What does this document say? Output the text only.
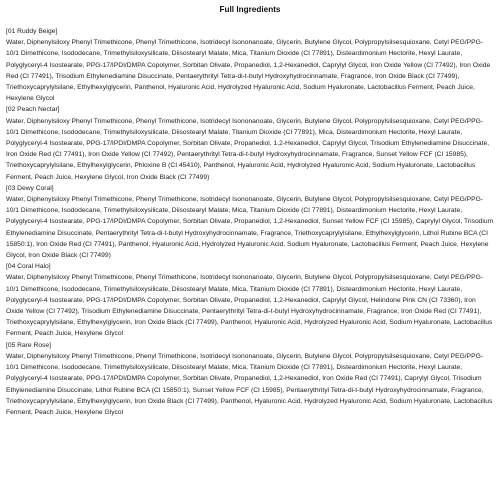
Full Ingredients
[01 Ruddy Beige]
Water, Diphenylsiloxy Phenyl Trimethicone, Phenyl Trimethicone, Isotridecyl Isononanoate, Glycerin, Butylene Glycol, Polypropylsilsesquioxane, Cetyl PEG/PPG-10/1 Dimethicone, Isododecane, Trimethylsiloxysilicate, Diisostearyl Malate, Mica, Titanium Dioxide (CI 77891), Disteardimonium Hectorite, Hexyl Laurate, Polyglyceryl-4 Isostearate, PPG-17/IPDI/DMPA Copolymer, Sorbitan Olivate, Propanediol, 1,2-Hexanediol, Caprylyl Glycol, Iron Oxide Yellow (CI 77492), Iron Oxide Red (CI 77491), Trisodium Ethylenediamine Disuccinate, Pentaerythrityl Tetra-di-t-butyl Hydroxyhydrocinnamate, Fragrance, Iron Oxide Black (CI 77499), Triethoxycaprylylsilane, Ethylhexylglycerin, Panthenol, Hyaluronic Acid, Hydrolyzed Hyaluronic Acid, Sodium Hyaluronate, Lactobacillus Ferment, Peach Juice, Hexylene Glycol
[02 Peach Nectar]
Water, Diphenylsiloxy Phenyl Trimethicone, Phenyl Trimethicone, Isotridecyl Isononanoate, Glycerin, Butylene Glycol, Polypropylsilsesquioxane, Cetyl PEG/PPG-10/1 Dimethicone, Isododecane, Trimethylsiloxysilicate, Diisostearyl Malate, Titanium Dioxide (CI 77891), Mica, Disteardimonium Hectorite, Hexyl Laurate, Polyglyceryl-4 Isostearate, PPG-17/IPDI/DMPA Copolymer, Sorbitan Olivate, Propanediol, 1,2-Hexanediol, Caprylyl Glycol, Trisodium Ethylenediamine Disuccinate, Iron Oxide Red (CI 77491), Iron Oxide Yellow (CI 77492), Pentaerythrityl Tetra-di-t-butyl Hydroxyhydrocinnamate, Fragrance, Sunset Yellow FCF (CI 15985), Triethoxycaprylylsilane, Ethylhexylglycerin, Phloxine B (CI 45410), Panthenol, Hyaluronic Acid, Hydrolyzed Hyaluronic Acid, Sodium Hyaluronate, Lactobacillus Ferment, Peach Juice, Hexylene Glycol, Iron Oxide Black (CI 77499)
[03 Dewy Coral]
Water, Diphenylsiloxy Phenyl Trimethicone, Phenyl Trimethicone, Isotridecyl Isononanoate, Glycerin, Butylene Glycol, Polypropylsilsesquioxane, Cetyl PEG/PPG-10/1 Dimethicone, Isododecane, Trimethylsiloxysilicate, Diisostearyl Malate, Mica, Titanium Dioxide (CI 77891), Disteardimonium Hectorite, Hexyl Laurate, Polyglyceryl-4 Isostearate, PPG-17/IPDI/DMPA Copolymer, Sorbitan Olivate, Propanediol, 1,2-Hexanediol, Sunset Yellow FCF (CI 15985), Caprylyl Glycol, Trisodium Ethylenediamine Disuccinate, Pentaerythrityl Tetra-di-t-butyl Hydroxyhydrocinnamate, Fragrance, Triethoxycaprylylsilane, Ethylhexylglycerin, Lithol Rubine BCA (CI 15850:1), Iron Oxide Red (CI 77491), Panthenol, Hyaluronic Acid, Hydrolyzed Hyaluronic Acid, Sodium Hyaluronate, Lactobacillus Ferment, Peach Juice, Hexylene Glycol, Iron Oxide Black (CI 77499)
[04 Coral Halo]
Water, Diphenylsiloxy Phenyl Trimethicone, Phenyl Trimethicone, Isotridecyl Isononanoate, Glycerin, Butylene Glycol, Polypropylsilsesquioxane, Cetyl PEG/PPG-10/1 Dimethicone, Isododecane, Trimethylsiloxysilicate, Diisostearyl Malate, Mica, Titanium Dioxide (CI 77891), Disteardimonium Hectorite, Hexyl Laurate, Polyglyceryl-4 Isostearate, PPG-17/IPDI/DMPA Copolymer, Sorbitan Olivate, Propanediol, 1,2-Hexanediol, Caprylyl Glycol, Helindone Pink CN (CI 73360), Iron Oxide Yellow (CI 77492), Trisodium Ethylenediamine Disuccinate, Pentaerythrityl Tetra-di-t-butyl Hydroxyhydrocinnamate, Fragrance, Iron Oxide Red (CI 77491), Triethoxycaprylylsilane, Ethylhexylglycerin, Iron Oxide Black (CI 77499), Panthenol, Hyaluronic Acid, Hydrolyzed Hyaluronic Acid, Sodium Hyaluronate, Lactobacillus Ferment, Peach Juice, Hexylene Glycol
[05 Rare Rose]
Water, Diphenylsiloxy Phenyl Trimethicone, Phenyl Trimethicone, Isotridecyl Isononanoate, Glycerin, Butylene Glycol, Polypropylsilsesquioxane, Cetyl PEG/PPG-10/1 Dimethicone, Isododecane, Trimethylsiloxysilicate, Diisostearyl Malate, Mica, Titanium Dioxide (CI 77891), Disteardimonium Hectorite, Hexyl Laurate, Polyglyceryl-4 Isostearate, PPG-17/IPDI/DMPA Copolymer, Sorbitan Olivate, Propanediol, 1,2-Hexanediol, Iron Oxide Red (CI 77491), Caprylyl Glycol, Trisodium Ethylenediamine Disuccinate, Lithol Rubine BCA (CI 15850:1), Sunset Yellow FCF (CI 15985), Pentaerythrityl Tetra-di-t-butyl Hydroxyhydrocinnamate, Fragrance, Triethoxycaprylylsilane, Ethylhexylglycerin, Iron Oxide Black (CI 77499), Panthenol, Hyaluronic Acid, Hydrolyzed Hyaluronic Acid, Sodium Hyaluronate, Lactobacillus Ferment, Peach Juice, Hexylene Glycol
